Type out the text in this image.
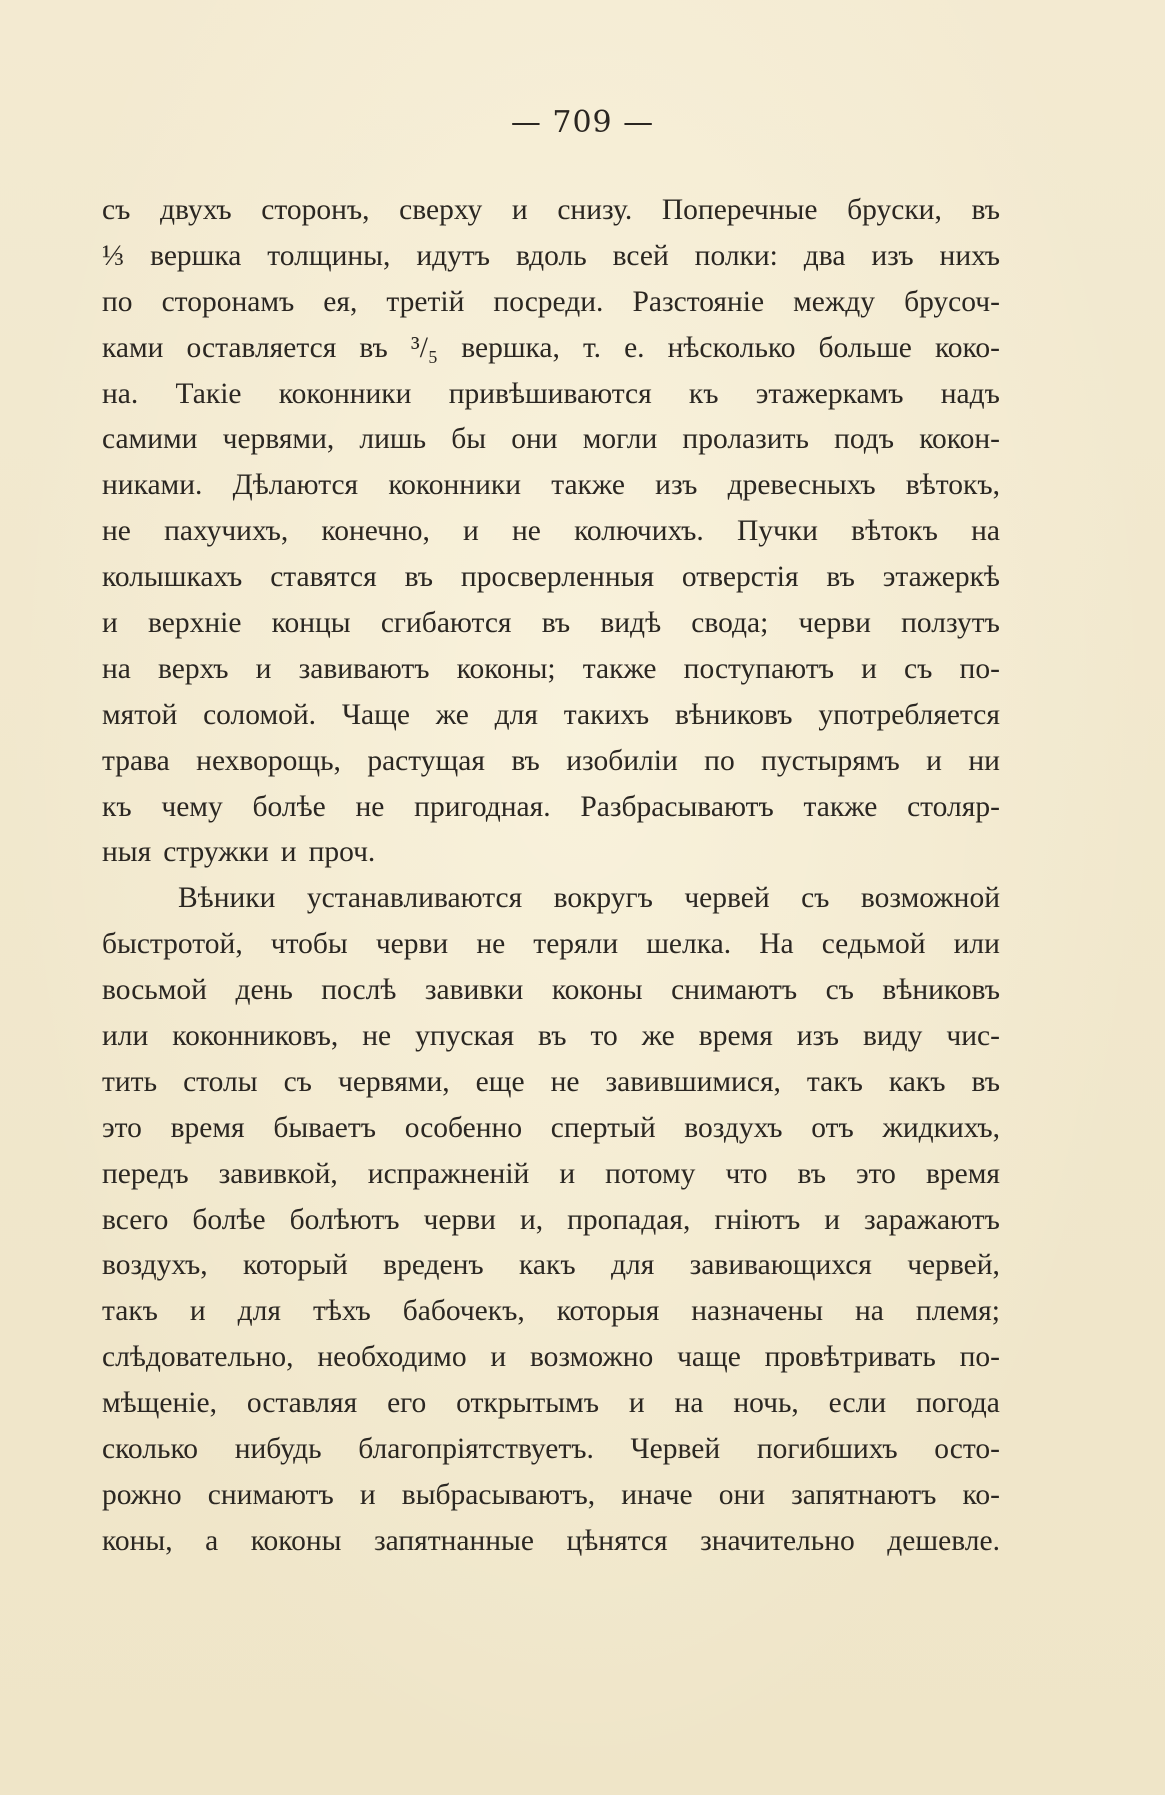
— 709 —
съ двухъ сторонъ, сверху и снизу. Поперечные бруски, въ
⅓ вершка толщины, идутъ вдоль всей полки: два изъ нихъ
по сторонамъ ея, третій посреди. Разстояніе между брусоч-
ками оставляется въ ³/₅ вершка, т. е. нѣсколько больше коко-
на. Такіе коконники привѣшиваются къ этажеркамъ надъ
самими червями, лишь бы они могли пролазить подъ кокон-
никами. Дѣлаются коконники также изъ древесныхъ вѣтокъ,
не пахучихъ, конечно, и не колючихъ. Пучки вѣтокъ на
колышкахъ ставятся въ просверленныя отверстія въ этажеркѣ
и верхніе концы сгибаются въ видѣ свода; черви ползутъ
на верхъ и завиваютъ коконы; также поступаютъ и съ по-
мятой соломой. Чаще же для такихъ вѣниковъ употребляется
трава нехворощь, растущая въ изобиліи по пустырямъ и ни
къ чему болѣе не пригодная. Разбрасываютъ также столяр-
ныя стружки и проч.
Вѣники устанавливаются вокругъ червей съ возможной
быстротой, чтобы черви не теряли шелка. На седьмой или
восьмой день послѣ завивки коконы снимаютъ съ вѣниковъ
или коконниковъ, не упуская въ то же время изъ виду чис-
тить столы съ червями, еще не завившимися, такъ какъ въ
это время бываетъ особенно спертый воздухъ отъ жидкихъ,
передъ завивкой, испражненій и потому что въ это время
всего болѣе болѣютъ черви и, пропадая, гніютъ и заражаютъ
воздухъ, который вреденъ какъ для завивающихся червей,
такъ и для тѣхъ бабочекъ, которыя назначены на племя;
слѣдовательно, необходимо и возможно чаще провѣтривать по-
мѣщеніе, оставляя его открытымъ и на ночь, если погода
сколько нибудь благопріятствуетъ. Червей погибшихъ осто-
рожно снимаютъ и выбрасываютъ, иначе они запятнаютъ ко-
коны, а коконы запятнанные цѣнятся значительно дешевле.
